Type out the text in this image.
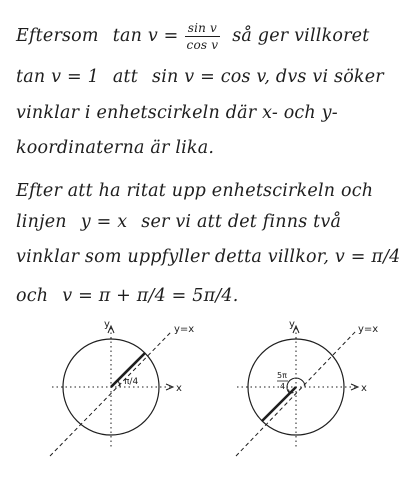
Eftersom $\tan v = \frac{\text{sin v}}{\text{cos v}}$ så ger villkoret
tan v = 1 att sin v = cos v, dvs vi söker
vinklar i enhetscirkeln där x- och y-
koordinaterna är lika.
Efter att ha ritat upp enhetscirkeln och
linjen y = x ser vi att det finns två
vinklar som uppfyller detta villkor, v = π/4
och v = π + π/4 = 5π/4.
y
x
y=x
π/4
y
x
y=x
5π
4
